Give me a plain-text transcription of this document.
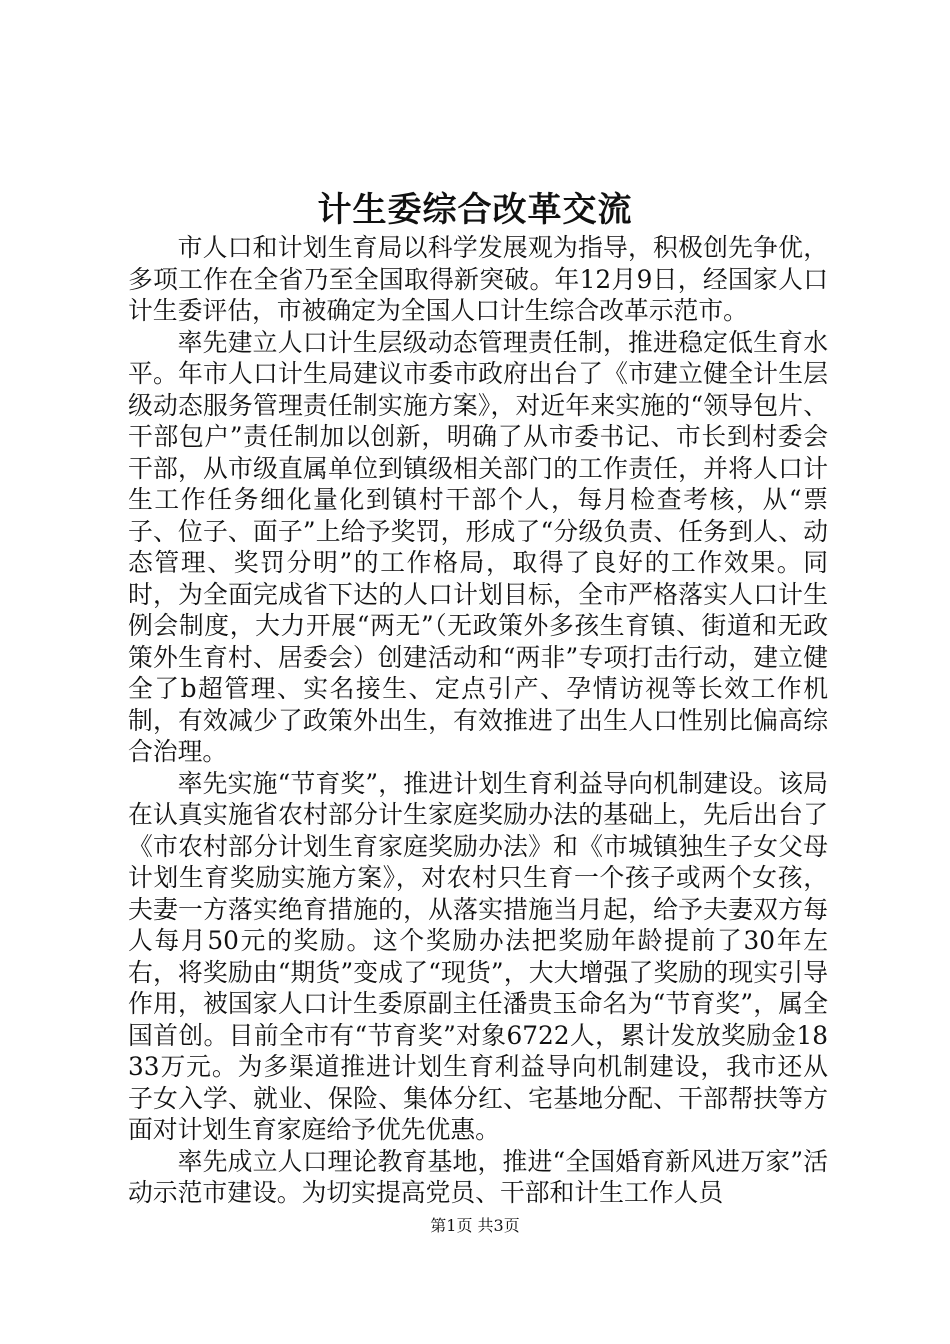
计生委综合改革交流

市人口和计划生育局以科学发展观为指导，积极创先争优，多项工作在全省乃至全国取得新突破。年12月9日，经国家人口计生委评估，市被确定为全国人口计生综合改革示范市。

率先建立人口计生层级动态管理责任制，推进稳定低生育水平。年市人口计生局建议市委市政府出台了《市建立健全计生层级动态服务管理责任制实施方案》，对近年来实施的“领导包片、干部包户”责任制加以创新，明确了从市委书记、市长到村委会干部，从市级直属单位到镇级相关部门的工作责任，并将人口计生工作任务细化量化到镇村干部个人，每月检查考核，从“票子、位子、面子”上给予奖罚，形成了“分级负责、任务到人、动态管理、奖罚分明”的工作格局，取得了良好的工作效果。同时，为全面完成省下达的人口计划目标，全市严格落实人口计生例会制度，大力开展“两无”（无政策外多孩生育镇、街道和无政策外生育村、居委会）创建活动和“两非”专项打击行动，建立健全了b超管理、实名接生、定点引产、孕情访视等长效工作机制，有效减少了政策外出生，有效推进了出生人口性别比偏高综合治理。

率先实施“节育奖”，推进计划生育利益导向机制建设。该局在认真实施省农村部分计生家庭奖励办法的基础上，先后出台了《市农村部分计划生育家庭奖励办法》和《市城镇独生子女父母计划生育奖励实施方案》，对农村只生育一个孩子或两个女孩，夫妻一方落实绝育措施的，从落实措施当月起，给予夫妻双方每人每月50元的奖励。这个奖励办法把奖励年龄提前了30年左右，将奖励由“期货”变成了“现货”，大大增强了奖励的现实引导作用，被国家人口计生委原副主任潘贵玉命名为“节育奖”，属全国首创。目前全市有“节育奖”对象6722人，累计发放奖励金1833万元。为多渠道推进计划生育利益导向机制建设，我市还从子女入学、就业、保险、集体分红、宅基地分配、干部帮扶等方面对计划生育家庭给予优先优惠。

率先成立人口理论教育基地，推进“全国婚育新风进万家”活动示范市建设。为切实提高党员、干部和计生工作人员

第1页 共3页
